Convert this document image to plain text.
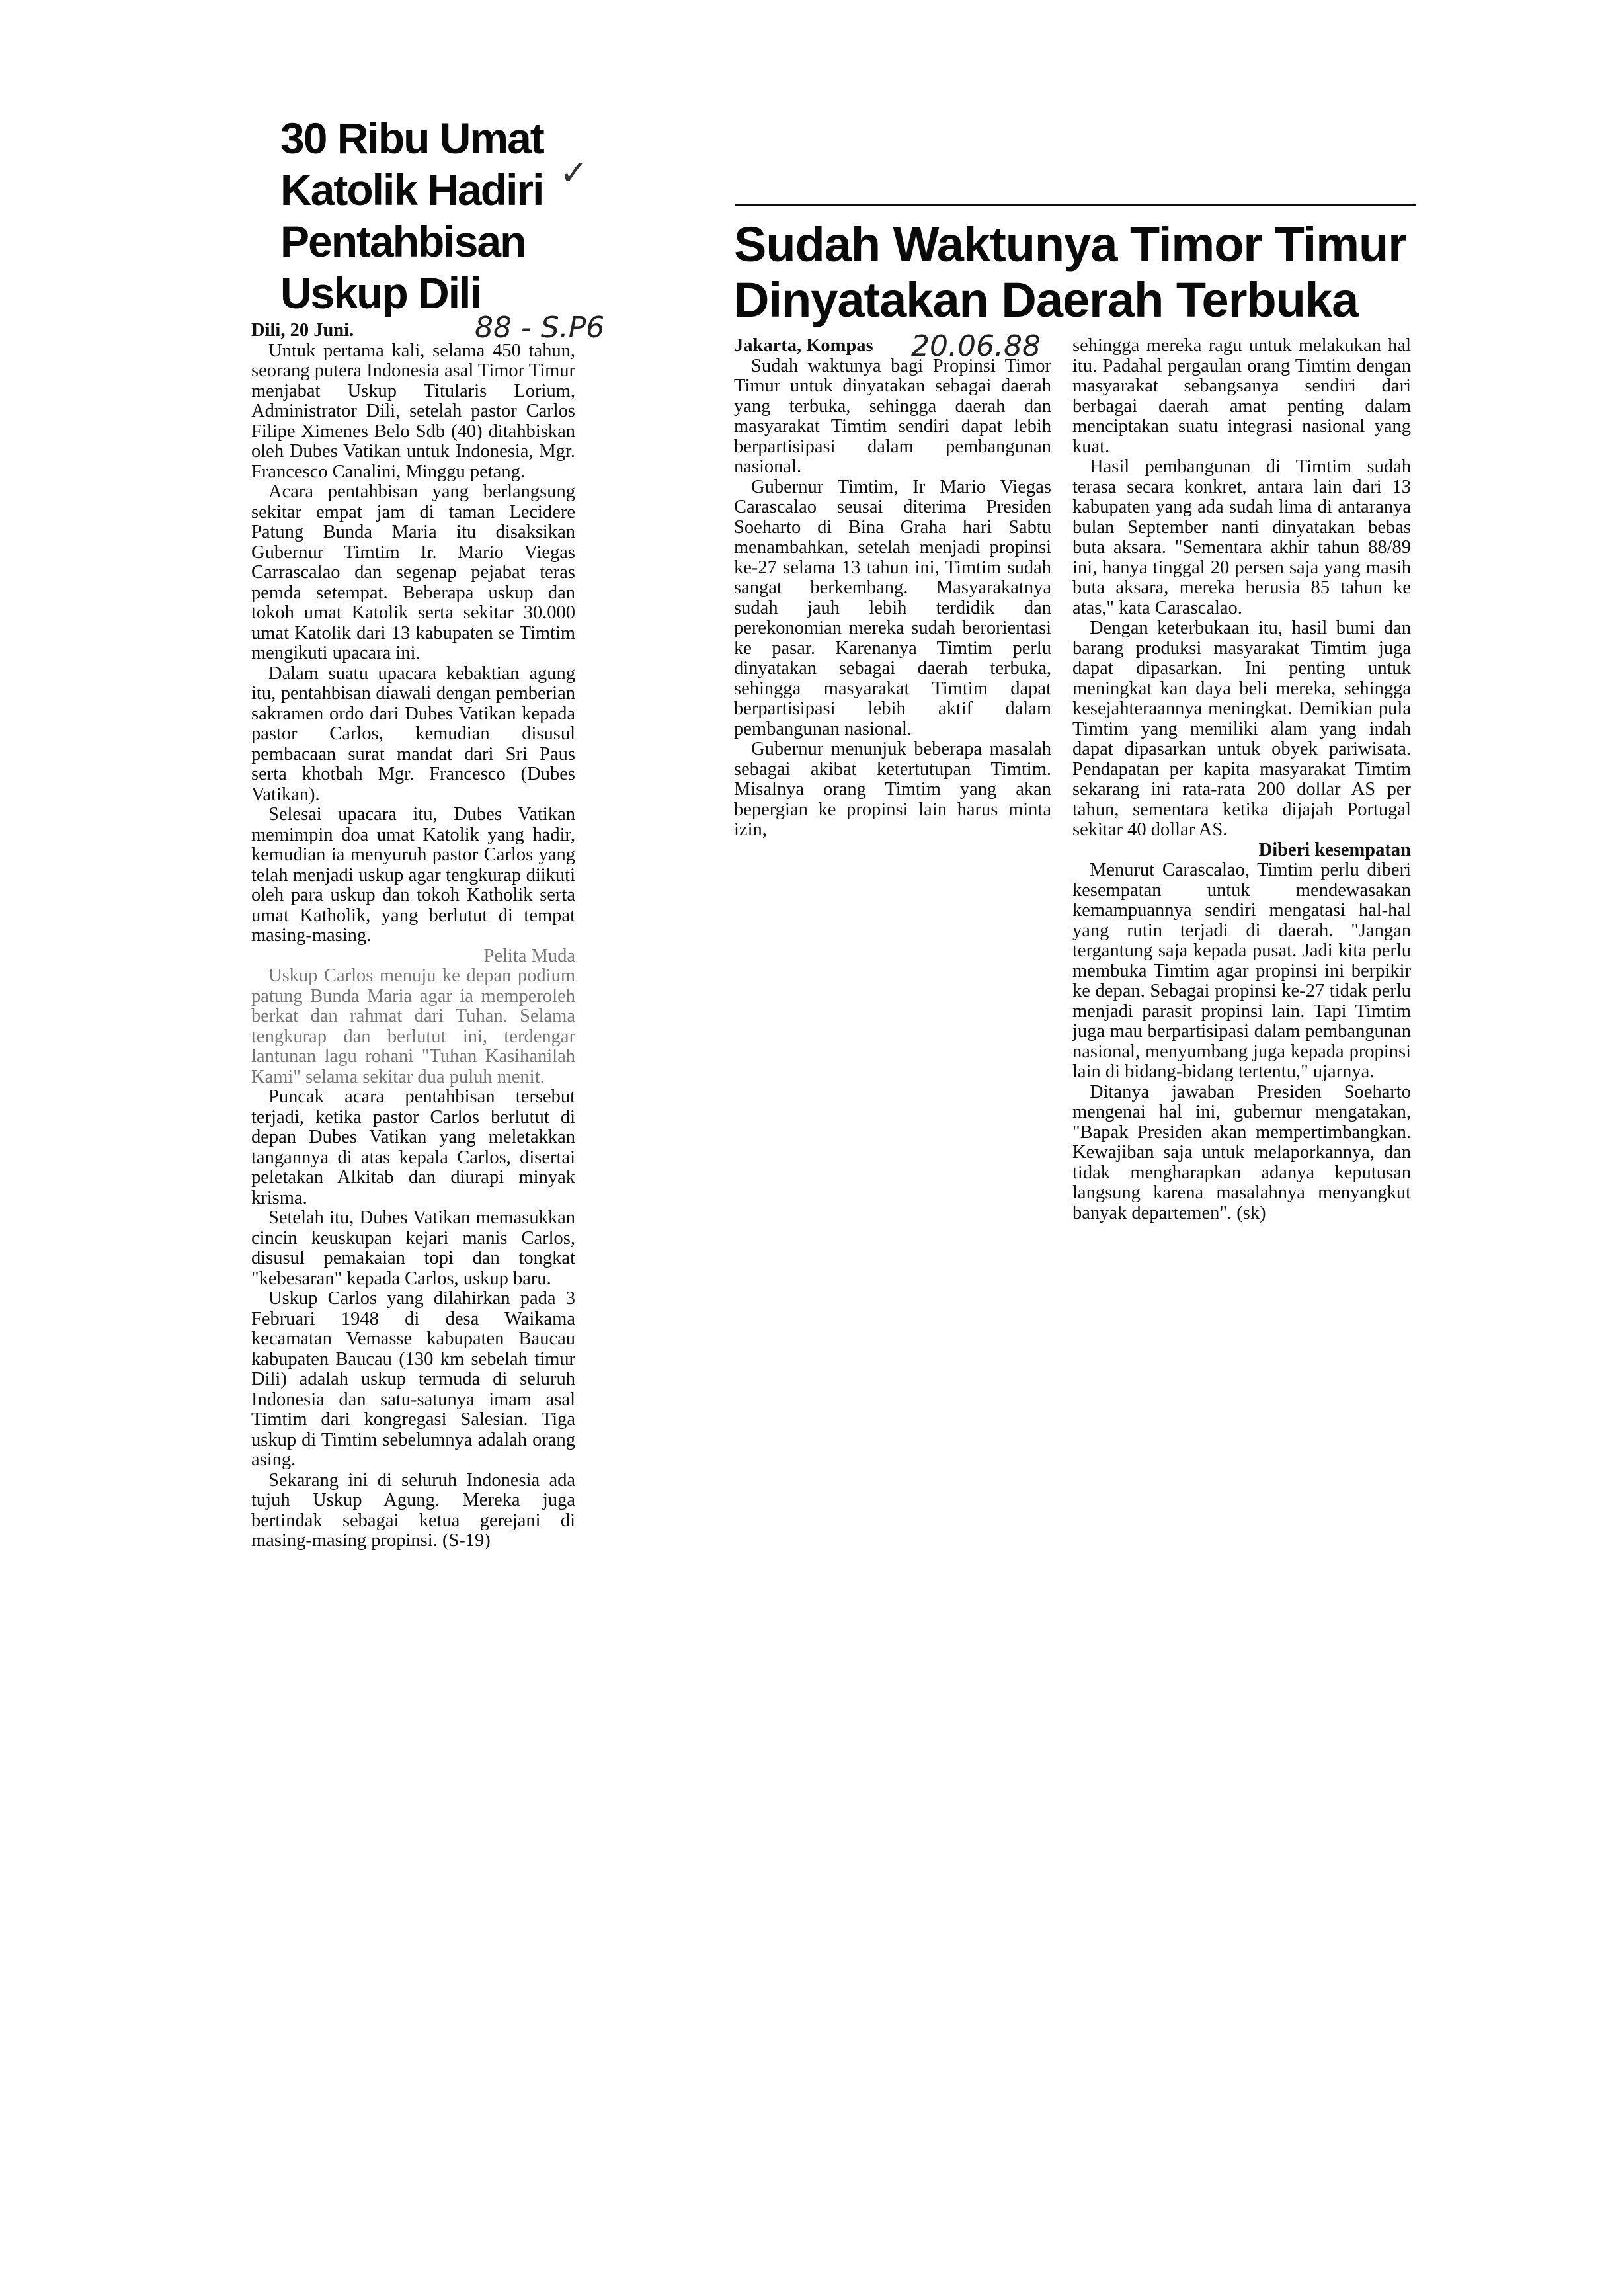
30 Ribu Umat
Katolik Hadiri
Pentahbisan
Uskup Dili
✓

Dili, 20 Juni.

Untuk pertama kali, selama 450 tahun, seorang putera Indonesia asal Timor Timur menjabat Uskup Titularis Lorium, Administrator Dili, setelah pastor Carlos Filipe Ximenes Belo Sdb (40) ditahbiskan oleh Dubes Vatikan untuk Indonesia, Mgr. Francesco Canalini, Minggu petang.

Acara pentahbisan yang berlangsung sekitar empat jam di taman Lecidere Patung Bunda Maria itu disaksikan Gubernur Timtim Ir. Mario Viegas Carrascalao dan segenap pejabat teras pemda setempat. Beberapa uskup dan tokoh umat Katolik serta sekitar 30.000 umat Katolik dari 13 kabupaten se Timtim mengikuti upacara ini.

Dalam suatu upacara kebaktian agung itu, pentahbisan diawali dengan pemberian sakramen ordo dari Dubes Vatikan kepada pastor Carlos, kemudian disusul pembacaan surat mandat dari Sri Paus serta khotbah Mgr. Francesco (Dubes Vatikan).

Selesai upacara itu, Dubes Vatikan memimpin doa umat Katolik yang hadir, kemudian ia menyuruh pastor Carlos yang telah menjadi uskup agar tengkurap diikuti oleh para uskup dan tokoh Katholik serta umat Katholik, yang berlutut di tempat masing-masing.

Pelita Muda

Uskup Carlos menuju ke depan podium patung Bunda Maria agar ia memperoleh berkat dan rahmat dari Tuhan. Selama tengkurap dan berlutut ini, terdengar lantunan lagu rohani "Tuhan Kasihanilah Kami" selama sekitar dua puluh menit.

Puncak acara pentahbisan tersebut terjadi, ketika pastor Carlos berlutut di depan Dubes Vatikan yang meletakkan tangannya di atas kepala Carlos, disertai peletakan Alkitab dan diurapi minyak krisma.

Setelah itu, Dubes Vatikan memasukkan cincin keuskupan kejari manis Carlos, disusul pemakaian topi dan tongkat "kebesaran" kepada Carlos, uskup baru.

Uskup Carlos yang dilahirkan pada 3 Februari 1948 di desa Waikama kecamatan Vemasse kabupaten Baucau kabupaten Baucau (130 km sebelah timur Dili) adalah uskup termuda di seluruh Indonesia dan satu-satunya imam asal Timtim dari kongregasi Salesian. Tiga uskup di Timtim sebelumnya adalah orang asing.

Sekarang ini di seluruh Indonesia ada tujuh Uskup Agung. Mereka juga bertindak sebagai ketua gerejani di masing-masing propinsi. (S-19)

88 - S.P6
Sudah Waktunya Timor Timur
Dinyatakan Daerah Terbuka

Jakarta, Kompas

Sudah waktunya bagi Propinsi Timor Timur untuk dinyatakan sebagai daerah yang terbuka, sehingga daerah dan masyarakat Timtim sendiri dapat lebih berpartisipasi dalam pembangunan nasional.

Gubernur Timtim, Ir Mario Viegas Carascalao seusai diterima Presiden Soeharto di Bina Graha hari Sabtu menambahkan, setelah menjadi propinsi ke-27 selama 13 tahun ini, Timtim sudah sangat berkembang. Masyarakatnya sudah jauh lebih terdidik dan perekonomian mereka sudah berorientasi ke pasar. Karenanya Timtim perlu dinyatakan sebagai daerah terbuka, sehingga masyarakat Timtim dapat berpartisipasi lebih aktif dalam pembangunan nasional.

Gubernur menunjuk beberapa masalah sebagai akibat ketertutupan Timtim. Misalnya orang Timtim yang akan bepergian ke propinsi lain harus minta izin,

20.06.88 sehingga mereka ragu untuk melakukan hal itu. Padahal pergaulan orang Timtim dengan masyarakat sebangsanya sendiri dari berbagai daerah amat penting dalam menciptakan suatu integrasi nasional yang kuat.

Hasil pembangunan di Timtim sudah terasa secara konkret, antara lain dari 13 kabupaten yang ada sudah lima di antaranya bulan September nanti dinyatakan bebas buta aksara. "Sementara akhir tahun 88/89 ini, hanya tinggal 20 persen saja yang masih buta aksara, mereka berusia 85 tahun ke atas," kata Carascalao.

Dengan keterbukaan itu, hasil bumi dan barang produksi masyarakat Timtim juga dapat dipasarkan. Ini penting untuk meningkat kan daya beli mereka, sehingga kesejahteraannya meningkat. Demikian pula Timtim yang memiliki alam yang indah dapat dipasarkan untuk obyek pariwisata. Pendapatan per kapita masyarakat Timtim sekarang ini rata-rata 200 dollar AS per tahun, sementara ketika dijajah Portugal sekitar 40 dollar AS.

Diberi kesempatan

Menurut Carascalao, Timtim perlu diberi kesempatan untuk mendewasakan kemampuannya sendiri mengatasi hal-hal yang rutin terjadi di daerah. "Jangan tergantung saja kepada pusat. Jadi kita perlu membuka Timtim agar propinsi ini berpikir ke depan. Sebagai propinsi ke-27 tidak perlu menjadi parasit propinsi lain. Tapi Timtim juga mau berpartisipasi dalam pembangunan nasional, menyumbang juga kepada propinsi lain di bidang-bidang tertentu," ujarnya.

Ditanya jawaban Presiden Soeharto mengenai hal ini, gubernur mengatakan, "Bapak Presiden akan mempertimbangkan. Kewajiban saja untuk melaporkannya, dan tidak mengharapkan adanya keputusan langsung karena masalahnya menyangkut banyak departemen". (sk)
